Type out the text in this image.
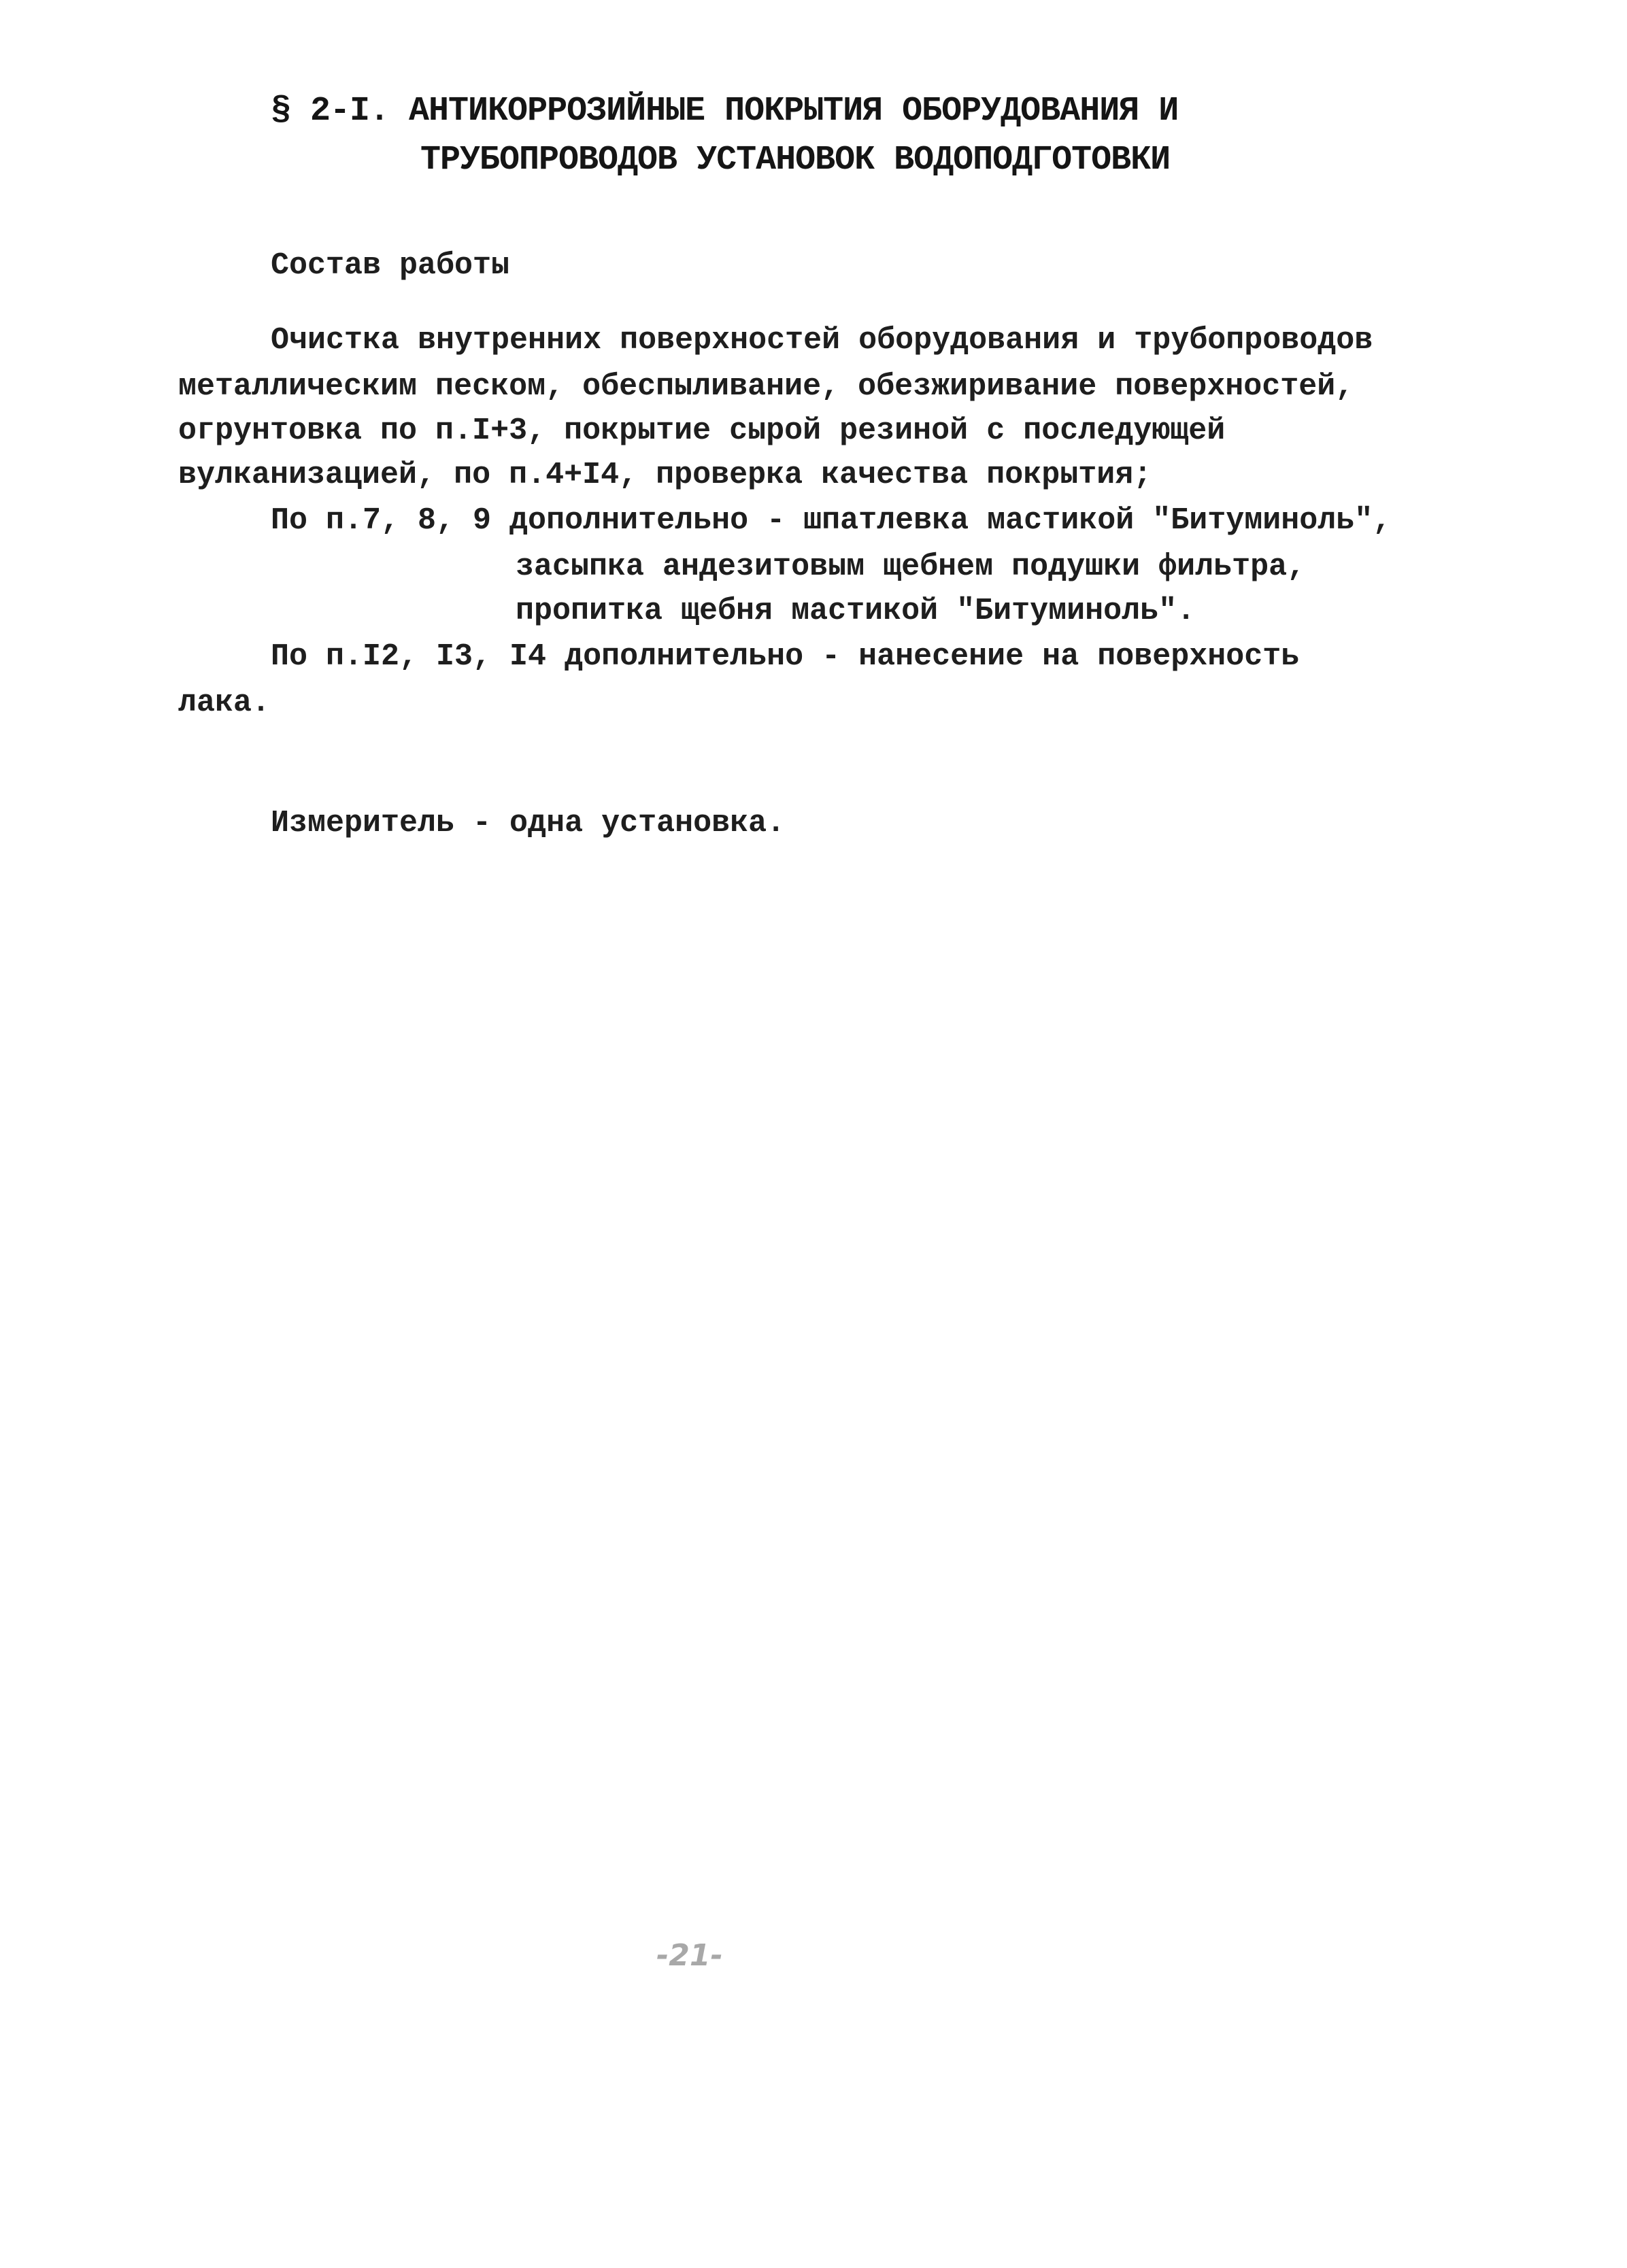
§ 2-I. АНТИКОРРОЗИЙНЫЕ ПОКРЫТИЯ ОБОРУДОВАНИЯ И
ТРУБОПРОВОДОВ УСТАНОВОК ВОДОПОДГОТОВКИ
Состав работы
Очистка внутренних поверхностей оборудования и трубопроводов
металлическим песком, обеспыливание, обезжиривание поверхностей,
огрунтовка по п.I+3, покрытие сырой резиной с последующей
вулканизацией, по п.4+I4, проверка качества покрытия;
По п.7, 8, 9 дополнительно - шпатлевка мастикой "Битуминоль",
засыпка андезитовым щебнем подушки фильтра,
пропитка щебня мастикой "Битуминоль".
По п.I2, I3, I4 дополнительно - нанесение на поверхность
лака.
Измеритель - одна установка.
-21-
